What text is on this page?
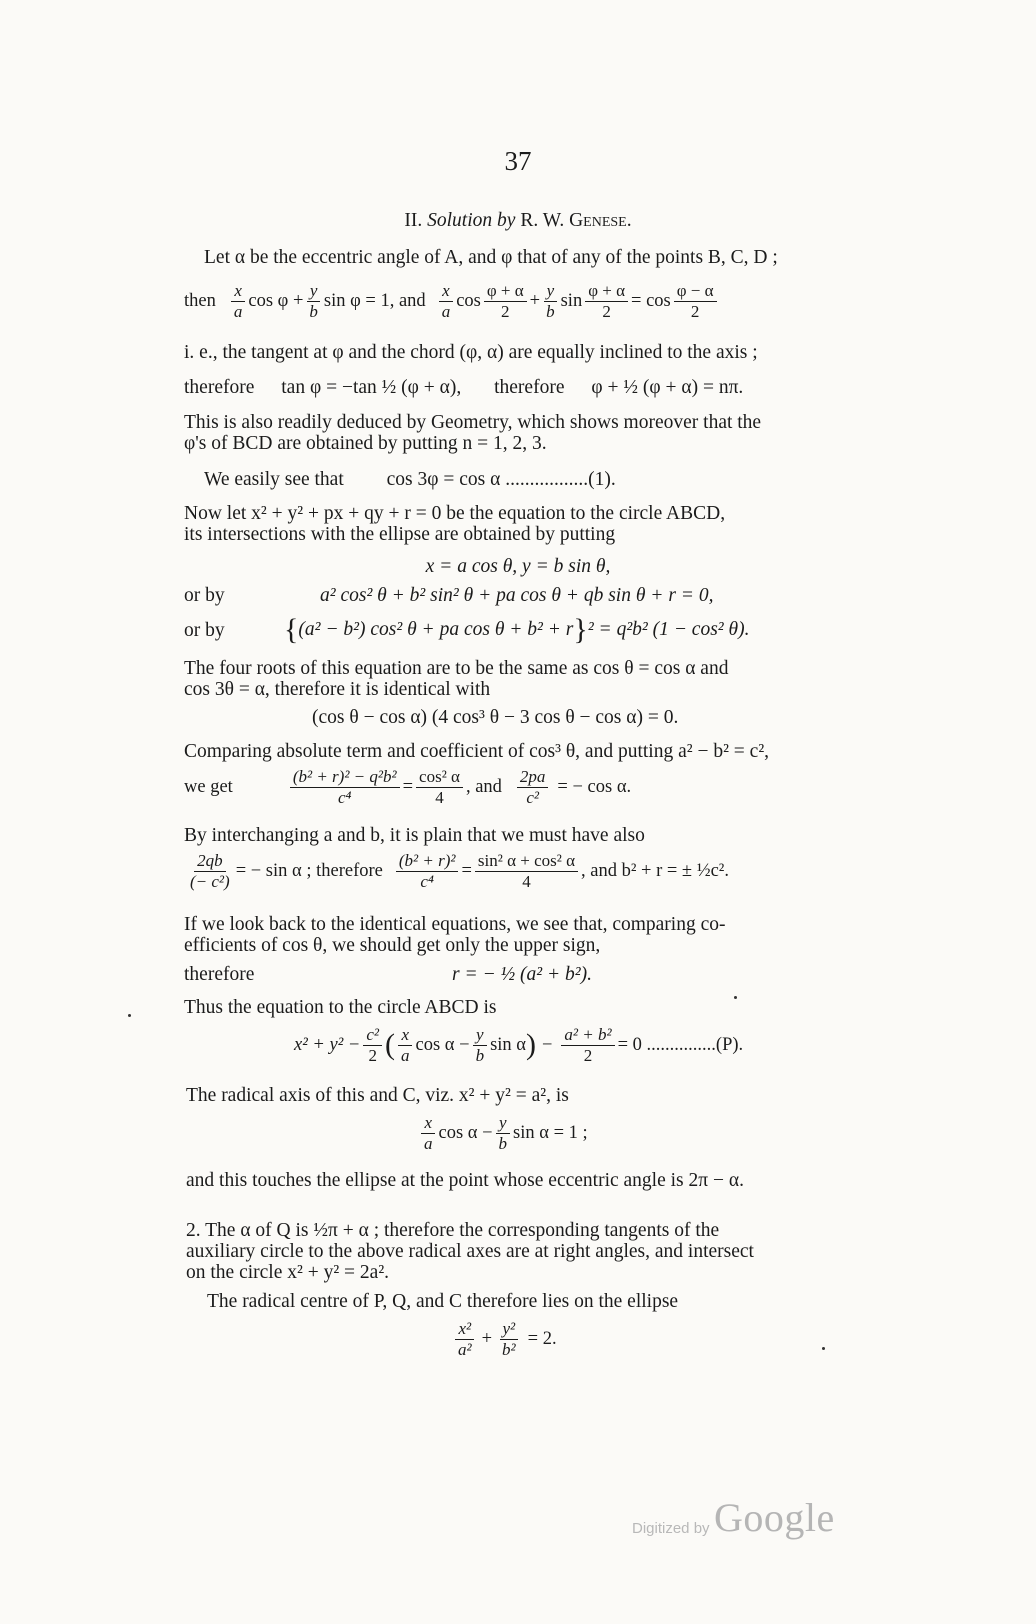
37
II. Solution by R. W. Genese.
Let α be the eccentric angle of A, and φ that of any of the points B, C, D ;
then $\frac{x}{a}$ $\cos \varphi + \frac{y}{b}$ sin φ = 1, and $\frac{x}{a}$ $\cos \frac{\varphi + \alpha}{2} + \frac{y}{b}$ $\sin \frac{\varphi + \alpha}{2} = \cos \frac{\varphi - \alpha}{2}$
i. e., the tangent at φ and the chord (φ, α) are equally inclined to the axis ;
therefore tan φ = −tan ½ (φ + α), therefore φ + ½ (φ + α) = nπ.
This is also readily deduced by Geometry, which shows moreover that the
φ's of BCD are obtained by putting n = 1, 2, 3.
We easily see that cos 3φ = cos α .................(1).
Now let x² + y² + px + qy + r = 0 be the equation to the circle ABCD,
its intersections with the ellipse are obtained by putting
x = a cos θ, y = b sin θ,
or by	a² cos² θ + b² sin² θ + pa cos θ + qb sin θ + r = 0,
or by { (a² − b²) cos² θ + pa cos θ + b² + r } ² = q²b² (1 − cos² θ).
The four roots of this equation are to be the same as cos θ = cos α and
cos 3θ = α, therefore it is identical with
(cos θ − cos α) (4 cos³ θ − 3 cos θ − cos α) = 0.
Comparing absolute term and coefficient of cos³ θ, and putting a² − b² = c²,
we get	$\frac{\text{(b² + r)² − q²b²}}{\text{c⁴}} = \frac{\text{cos² α}}{4}$ , and $\frac{2pa}{\text{c²}}$ = − cos α.
By interchanging a and b, it is plain that we must have also
$\frac{2qb}{\text{(− c²)}}$ = − sin α ; therefore $\frac{\text{(b² + r)²}}{\text{c⁴}} = \frac{\text{sin² α + cos² α}}{4}$ , and b² + r = ± ½c².
If we look back to the identical equations, we see that, comparing co-
efficients of cos θ, we should get only the upper sign,
therefore	r = − ½ (a² + b²).
Thus the equation to the circle ABCD is
$x^2 + y^2 - \frac{\text{c²}}{2}$ ( $\frac{x}{a}$ $\cos \alpha - \frac{y}{b}$ sin α ) − $\frac{\text{a² + b²}}{2} = 0$ ...............(P).
The radical axis of this and C, viz. x² + y² = a², is
$\frac{x}{a}$ $\cos \alpha - \frac{y}{b}$ sin α = 1 ;
and this touches the ellipse at the point whose eccentric angle is 2π − α.
2. The α of Q is ½π + α ; therefore the corresponding tangents of the
auxiliary circle to the above radical axes are at right angles, and intersect
on the circle x² + y² = 2a².
The radical centre of P, Q, and C therefore lies on the ellipse
$\frac{\text{x²}}{\text{a²}} + \frac{\text{y²}}{\text{b²}} = 2$.
Digitized by Google
